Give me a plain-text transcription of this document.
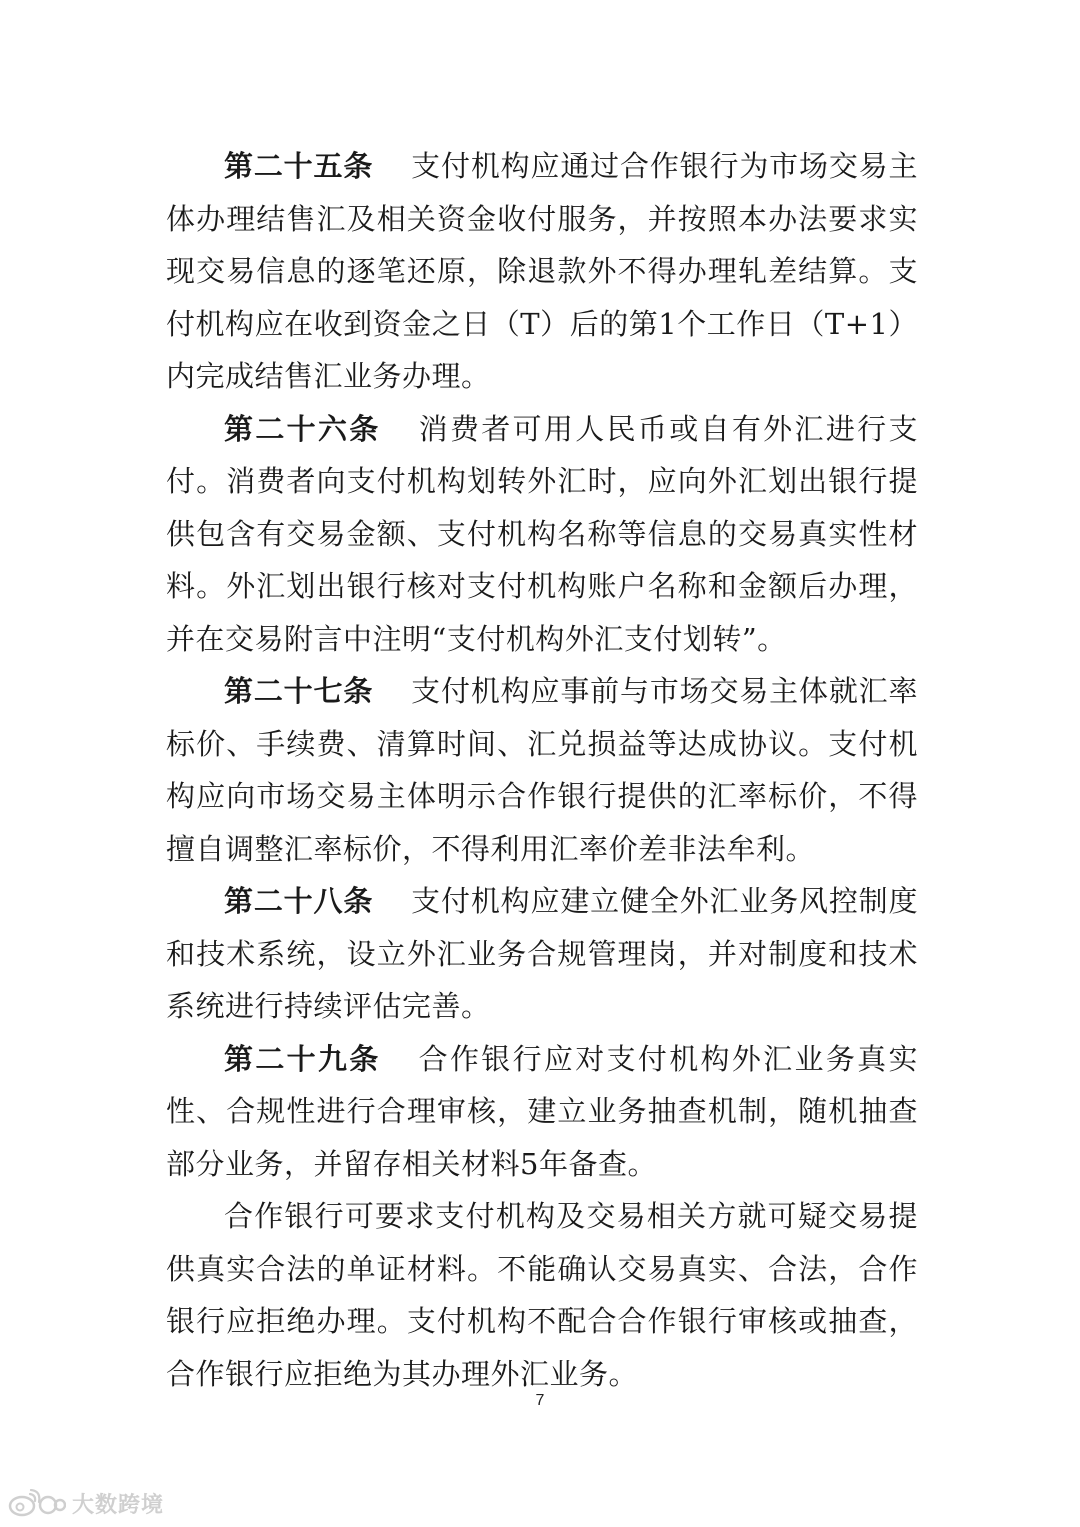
第二十五条 支付机构应通过合作银行为市场交易主体办理结售汇及相关资金收付服务，并按照本办法要求实现交易信息的逐笔还原，除退款外不得办理轧差结算。支付机构应在收到资金之日（T）后的第1个工作日（T+1）内完成结售汇业务办理。

第二十六条 消费者可用人民币或自有外汇进行支付。消费者向支付机构划转外汇时，应向外汇划出银行提供包含有交易金额、支付机构名称等信息的交易真实性材料。外汇划出银行核对支付机构账户名称和金额后办理，并在交易附言中注明“支付机构外汇支付划转”。

第二十七条 支付机构应事前与市场交易主体就汇率标价、手续费、清算时间、汇兑损益等达成协议。支付机构应向市场交易主体明示合作银行提供的汇率标价，不得擅自调整汇率标价，不得利用汇率价差非法牟利。

第二十八条 支付机构应建立健全外汇业务风控制度和技术系统，设立外汇业务合规管理岗，并对制度和技术系统进行持续评估完善。

第二十九条 合作银行应对支付机构外汇业务真实性、合规性进行合理审核，建立业务抽查机制，随机抽查部分业务，并留存相关材料5年备查。

合作银行可要求支付机构及交易相关方就可疑交易提供真实合法的单证材料。不能确认交易真实、合法，合作银行应拒绝办理。支付机构不配合合作银行审核或抽查，合作银行应拒绝为其办理外汇业务。

7
大数跨境
